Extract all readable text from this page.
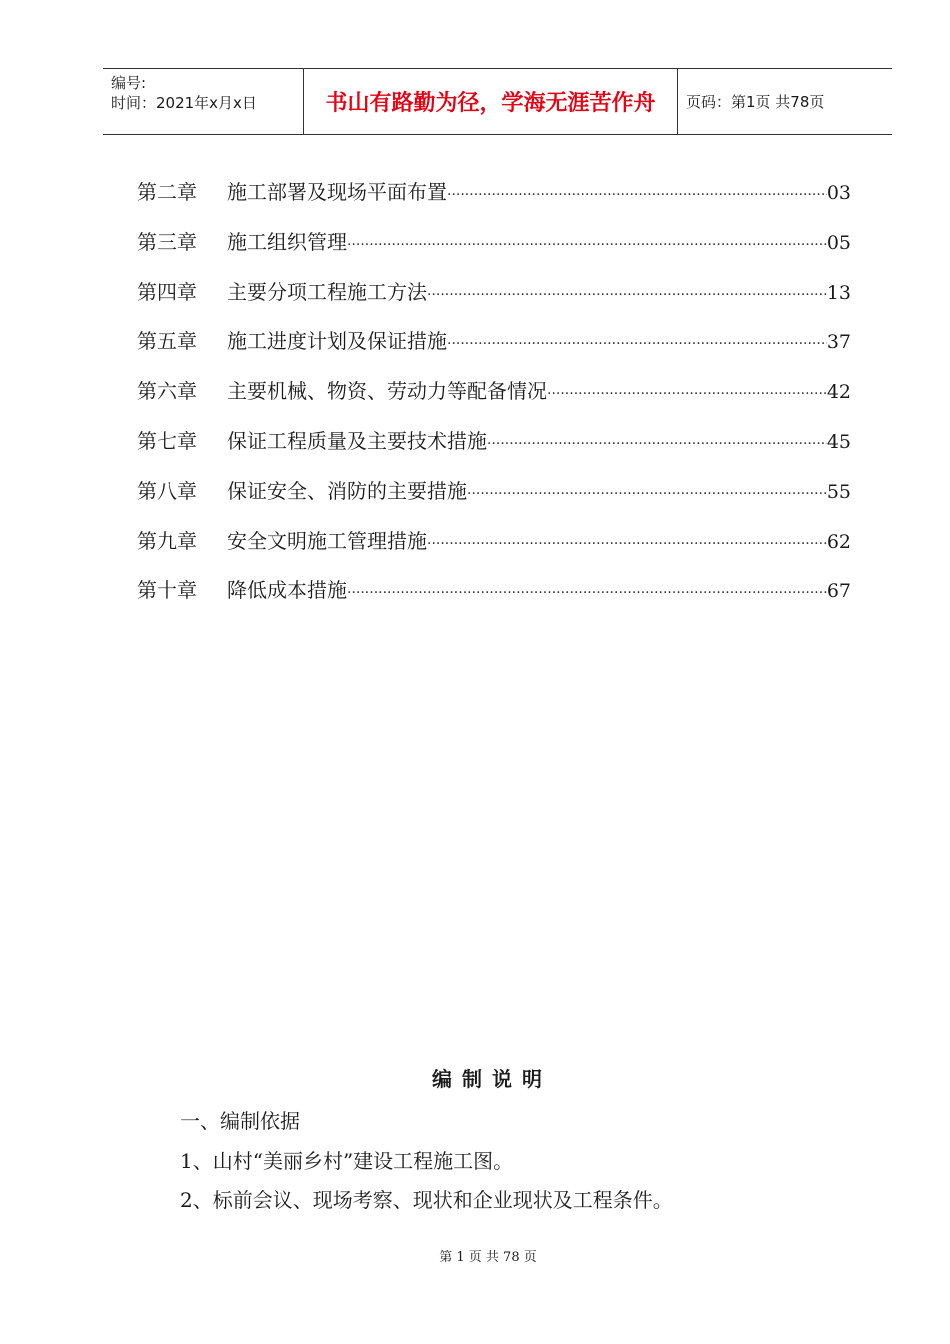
编号:
时间：2021年x月x日	书山有路勤为径，学海无涯苦作舟	页码：第1页 共78页
第二章	施工部署及现场平面布置 ·····	03
第三章	施工组织管理 ·····	05
第四章	主要分项工程施工方法 ·····	13
第五章	施工进度计划及保证措施 ·····	37
第六章	主要机械、物资、劳动力等配备情况 ·····	42
第七章	保证工程质量及主要技术措施 ·····	45
第八章	保证安全、消防的主要措施 ·····	55
第九章	安全文明施工管理措施 ·····	62
第十章	降低成本措施 ·····	67
编制说明
一、编制依据
1、山村“美丽乡村”建设工程施工图。
2、标前会议、现场考察、现状和企业现状及工程条件。
第 1 页 共 78 页
